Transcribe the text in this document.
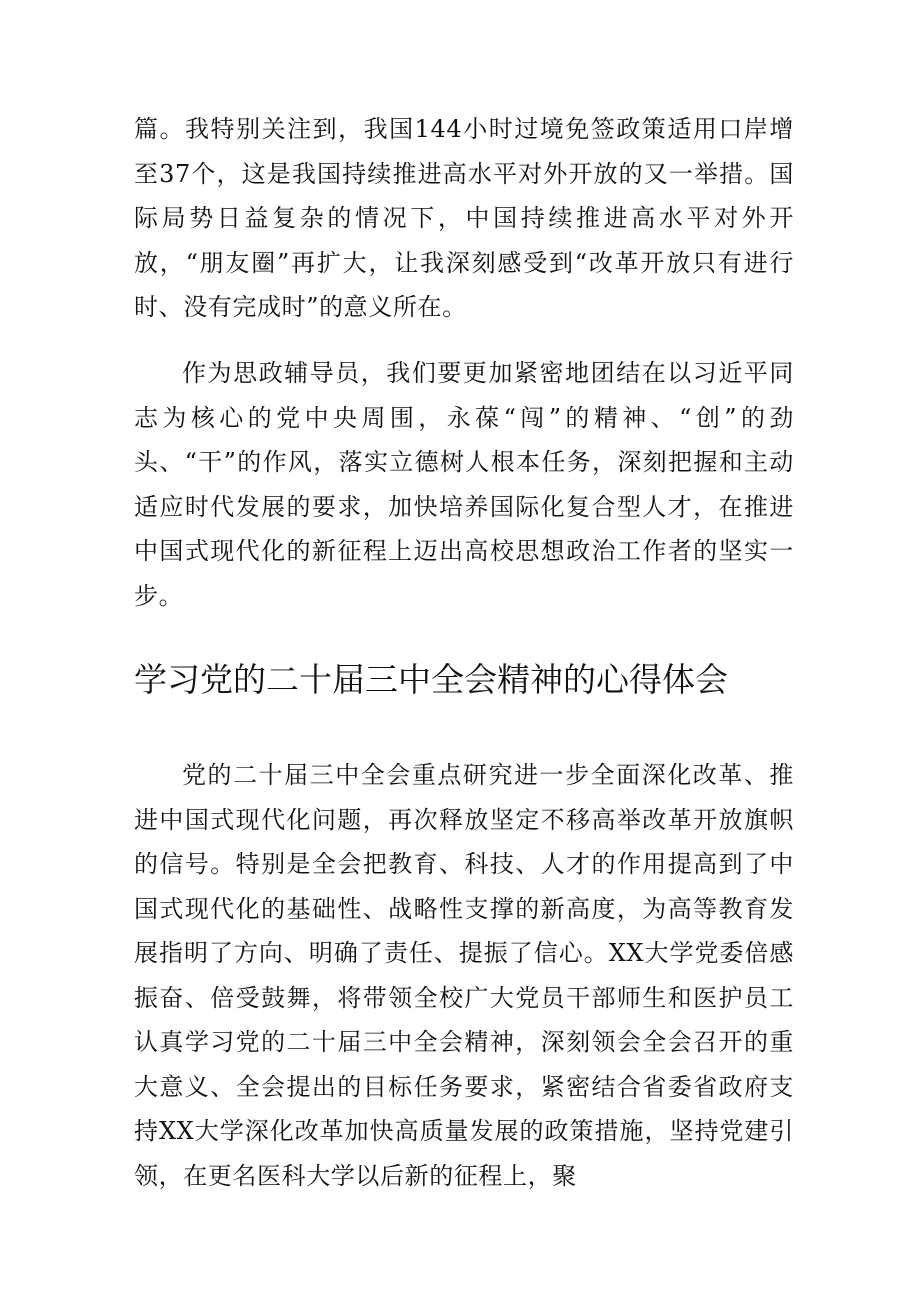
篇。我特别关注到，我国144小时过境免签政策适用口岸增至37个，这是我国持续推进高水平对外开放的又一举措。国际局势日益复杂的情况下，中国持续推进高水平对外开放，“朋友圈”再扩大，让我深刻感受到“改革开放只有进行时、没有完成时”的意义所在。

作为思政辅导员，我们要更加紧密地团结在以习近平同志为核心的党中央周围，永葆“闯”的精神、“创”的劲头、“干”的作风，落实立德树人根本任务，深刻把握和主动适应时代发展的要求，加快培养国际化复合型人才，在推进中国式现代化的新征程上迈出高校思想政治工作者的坚实一步。

学习党的二十届三中全会精神的心得体会

党的二十届三中全会重点研究进一步全面深化改革、推进中国式现代化问题，再次释放坚定不移高举改革开放旗帜的信号。特别是全会把教育、科技、人才的作用提高到了中国式现代化的基础性、战略性支撑的新高度，为高等教育发展指明了方向、明确了责任、提振了信心。XX大学党委倍感振奋、倍受鼓舞，将带领全校广大党员干部师生和医护员工认真学习党的二十届三中全会精神，深刻领会全会召开的重大意义、全会提出的目标任务要求，紧密结合省委省政府支持XX大学深化改革加快高质量发展的政策措施，坚持党建引领，在更名医科大学以后新的征程上，聚
